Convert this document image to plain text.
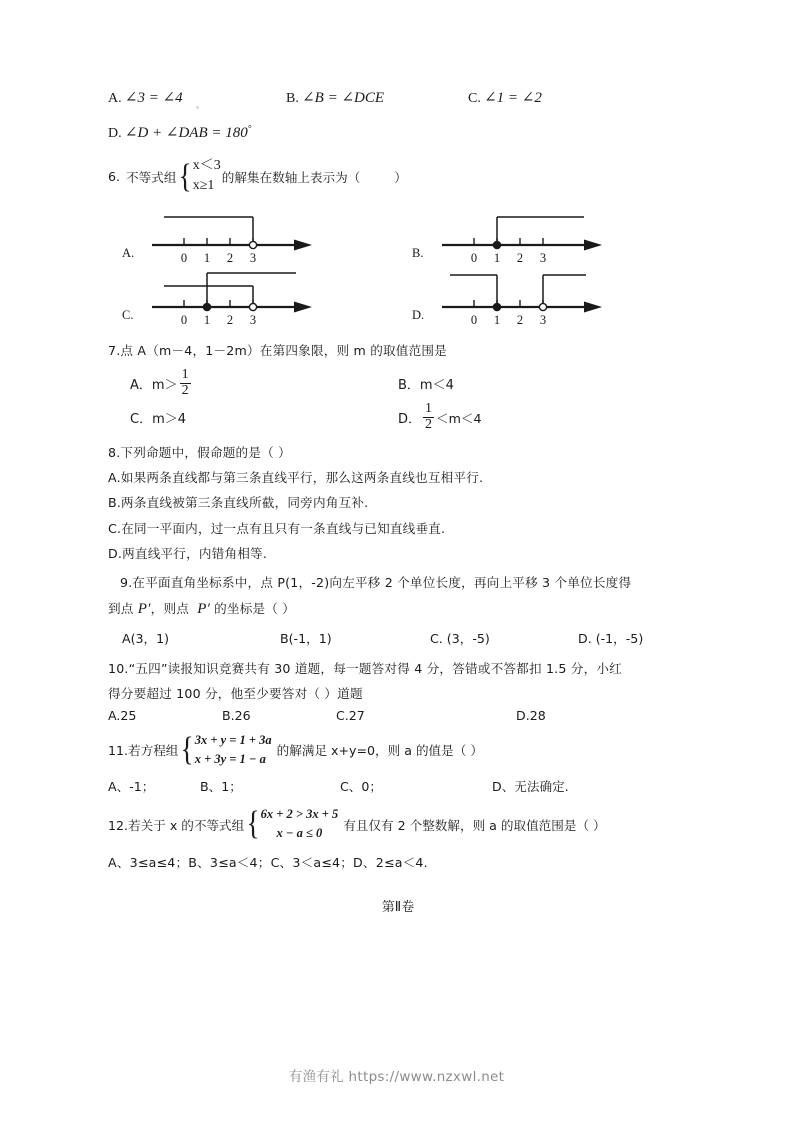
A. ∠3 = ∠4	B. ∠B = ∠DCE	C. ∠1 = ∠2
D. ∠D + ∠DAB = 180°
6. 不等式组 { x＜3
x≥1
的解集在数轴上表示为（	）
A.	0 1 2 3	B.	0 1 2 3
C.	0 1 2 3	D.	0 1 2 3
7.点 A（m－4，1－2m）在第四象限，则 m 的取值范围是
A．$m> \frac{1}{2}$	B．m＜4
C．m＞4	D． $\frac{1}{2} <m<4$
8.下列命题中，假命题的是（ ）
A.如果两条直线都与第三条直线平行，那么这两条直线也互相平行.
B.两条直线被第三条直线所截，同旁内角互补.
C.在同一平面内，过一点有且只有一条直线与已知直线垂直.
D.两直线平行，内错角相等.
9.在平面直角坐标系中，点 P(1，-2)向左平移 2 个单位长度，再向上平移 3 个单位长度得
到点 P′，则点 P′ 的坐标是（ ）
A(3，1)	B(-1，1)	C. (3，-5)	D. (-1，-5)
10.“五四”读报知识竞赛共有 30 道题，每一题答对得 4 分，答错或不答都扣 1.5 分，小红
得分要超过 100 分，他至少要答对（ ）道题
A.25	B.26	C.27	D.28
11.若方程组 { 3x + y = 1 + 3a
x + 3y = 1 − a
的解满足 x+y=0，则 a 的值是（ ）
A、-1；	B、1；	C、0；	D、无法确定.
12.若关于 x 的不等式组 { 6x + 2 > 3x + 5
x − a ≤ 0
有且仅有 2 个整数解，则 a 的取值范围是（ ）
A、3≤a≤4；B、3≤a＜4；C、3＜a≤4；D、2≤a＜4.
第Ⅱ卷
有渔有礼 https://www.nzxwl.net
